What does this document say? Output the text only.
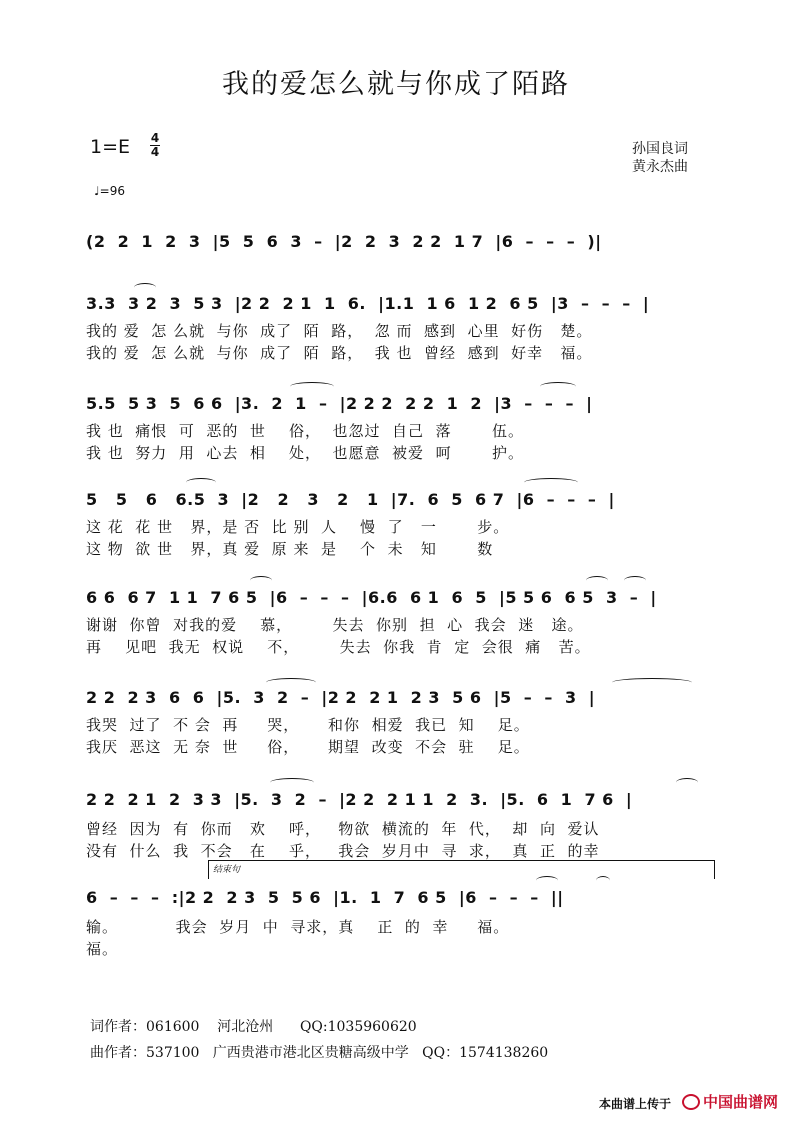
我的爱怎么就与你成了陌路
1=E 4
4
♩=96
孙国良词
黄永杰曲
(2  2  1  2  3  |5  5  6  3  –  |2  2  3  2 2  1 7  |6  –  –  –  )|
3.3  3 2  3  5 3  |2 2  2 1  1  6.  |1.1  1 6  1 2  6 5  |3  –  –  –  |
我的 爱  怎 么就  与你  成了  陌  路，  忽 而  感到  心里  好伤   楚。
我的 爱  怎 么就  与你  成了  陌  路，  我 也  曾经  感到  好幸   福。
5.5  5 3  5  6 6  |3.  2  1  –  |2 2 2  2 2  1  2  |3  –  –  –  |
我 也  痛恨  可  恶的  世    俗，  也忽过  自己  落       伍。
我 也  努力  用  心去  相    处，  也愿意  被爱  呵       护。
5   5   6   6.5  3  |2   2   3   2   1  |7.  6  5  6 7  |6  –  –  –  |
这 花  花 世   界，是 否  比 别  人    慢  了   一       步。
这 物  欲 世   界，真 爱  原 来  是    个  未   知       数
6 6  6 7  1 1  7 6 5  |6  –  –  –  |6.6  6 1  6  5  |5 5 6  6 5  3  –  |
谢谢  你曾  对我的爱    慕，       失去  你别  担  心  我会  迷   途。
再    见吧  我无  权说    不，       失去  你我  肯  定  会很  痛   苦。
2 2  2 3  6  6  |5.  3  2  –  |2 2  2 1  2 3  5 6  |5  –  –  3  |
我哭  过了  不 会  再     哭，     和你  相爱  我已  知    足。
我厌  恶这  无 奈  世     俗，     期望  改变  不会  驻    足。
2 2  2 1  2  3 3  |5.  3  2  –  |2 2  2 1 1  2  3.  |5.  6  1  7 6  |
曾经  因为  有  你而   欢    呼，   物欲  横流的  年  代，  却  向  爱认
没有  什么  我  不会   在    乎，   我会  岁月中  寻  求，  真  正  的幸
结束句
6  –  –  –  :|2 2  2 3  5  5 6  |1.  1  7  6 5  |6  –  –  –  ||
输。          我会  岁月  中  寻求，真    正  的  幸     福。
福。
词作者：061600    河北沧州      QQ:1035960620
曲作者：537100   广西贵港市港北区贵糖高级中学   QQ：1574138260
本曲谱上传于	中国曲谱网
